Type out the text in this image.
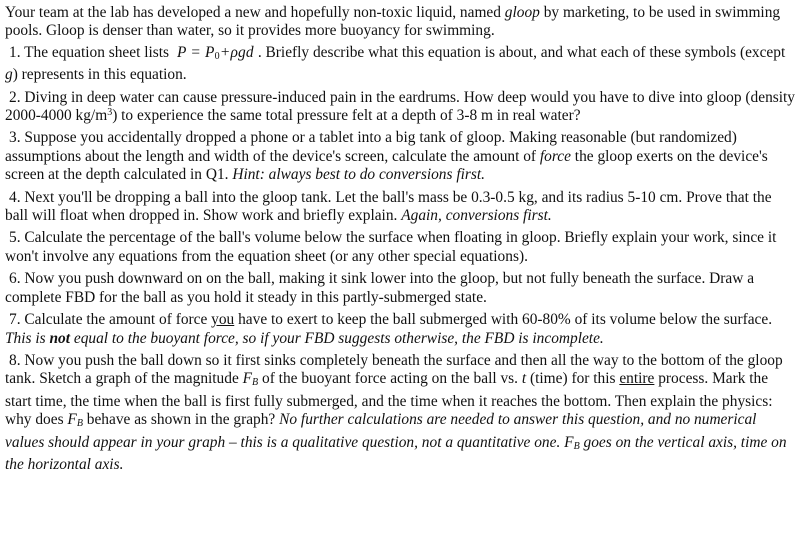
Your team at the lab has developed a new and hopefully non-toxic liquid, named gloop by marketing, to be used in swimming pools. Gloop is denser than water, so it provides more buoyancy for swimming.

1. The equation sheet lists $P = P_0+\rho gd$ . Briefly describe what this equation is about, and what each of these symbols (except g) represents in this equation.
2. Diving in deep water can cause pressure-induced pain in the eardrums. How deep would you have to dive into gloop (density 2000-4000 $kg/m^3$) to experience the same total pressure felt at a depth of 3-8 m in real water?
3. Suppose you accidentally dropped a phone or a tablet into a big tank of gloop. Making reasonable (but randomized) assumptions about the length and width of the device's screen, calculate the amount of force the gloop exerts on the device's screen at the depth calculated in Q1. Hint: always best to do conversions first.
4. Next you'll be dropping a ball into the gloop tank. Let the ball's mass be 0.3-0.5 kg, and its radius 5-10 cm. Prove that the ball will float when dropped in. Show work and briefly explain. Again, conversions first.
5. Calculate the percentage of the ball's volume below the surface when floating in gloop. Briefly explain your work, since it won't involve any equations from the equation sheet (or any other special equations).
6. Now you push downward on on the ball, making it sink lower into the gloop, but not fully beneath the surface. Draw a complete FBD for the ball as you hold it steady in this partly-submerged state.
7. Calculate the amount of force you have to exert to keep the ball submerged with 60-80% of its volume below the surface. This is not equal to the buoyant force, so if your FBD suggests otherwise, the FBD is incomplete.
8. Now you push the ball down so it first sinks completely beneath the surface and then all the way to the bottom of the gloop tank. Sketch a graph of the magnitude $F_B$ of the buoyant force acting on the ball vs. t (time) for this entire process. Mark the start time, the time when the ball is first fully submerged, and the time when it reaches the bottom. Then explain the physics: why does $F_B$ behave as shown in the graph? No further calculations are needed to answer this question, and no numerical values should appear in your graph – this is a qualitative question, not a quantitative one. $F_B$ goes on the vertical axis, time on the horizontal axis.
